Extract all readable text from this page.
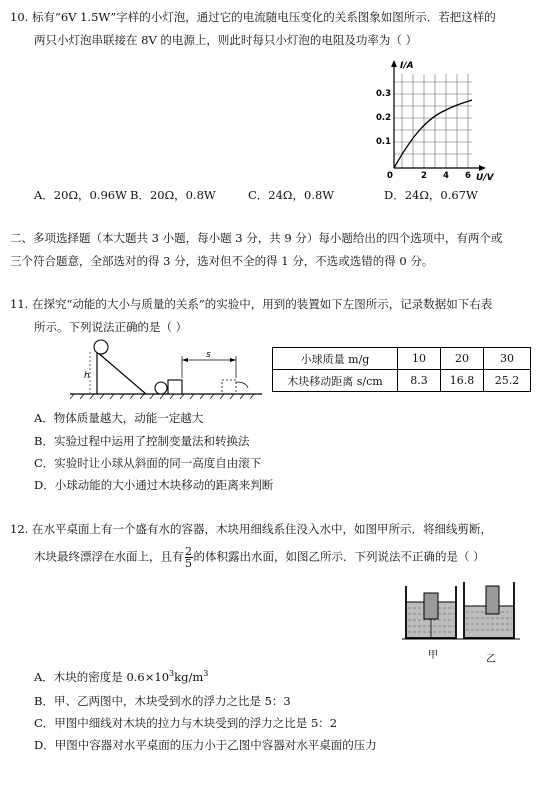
10. 标有“6V 1.5W”字样的小灯泡，通过它的电流随电压变化的关系图象如图所示．若把这样的
两只小灯泡串联接在 8V 的电源上，则此时每只小灯泡的电阻及功率为（ ）
I/A
U/V
0.3
0.2
0.1
0	2 4 6
A．20Ω，0.96W B．20Ω，0.8W	C．24Ω，0.8W	D．24Ω，0.67W
二、多项选择题（本大题共 3 小题，每小题 3 分，共 9 分）每小题给出的四个选项中，有两个或
三个符合题意，全部选对的得 3 分，选对但不全的得 1 分，不选或选错的得 0 分。
11. 在探究“动能的大小与质量的关系”的实验中，用到的装置如下左图所示，记录数据如下右表
所示。下列说法正确的是（ ）
h
s	小球质量 m/g	10	20	30
木块移动距离 s/cm	8.3	16.8	25.2
A．物体质量越大，动能一定越大
B．实验过程中运用了控制变量法和转换法
C．实验时让小球从斜面的同一高度自由滚下
D．小球动能的大小通过木块移动的距离来判断
12. 在水平桌面上有一个盛有水的容器，木块用细线系住没入水中，如图甲所示．将细线剪断，
木块最终漂浮在水面上，且有 $\frac{2}{5}$ 的体积露出水面，如图乙所示．下列说法不正确的是（ ）
甲	乙
A．木块的密度是 $0.6\times 10^3kg/m^3$
B．甲、乙两图中，木块受到水的浮力之比是 5：3
C．甲图中细线对木块的拉力与木块受到的浮力之比是 5：2
D．甲图中容器对水平桌面的压力小于乙图中容器对水平桌面的压力
